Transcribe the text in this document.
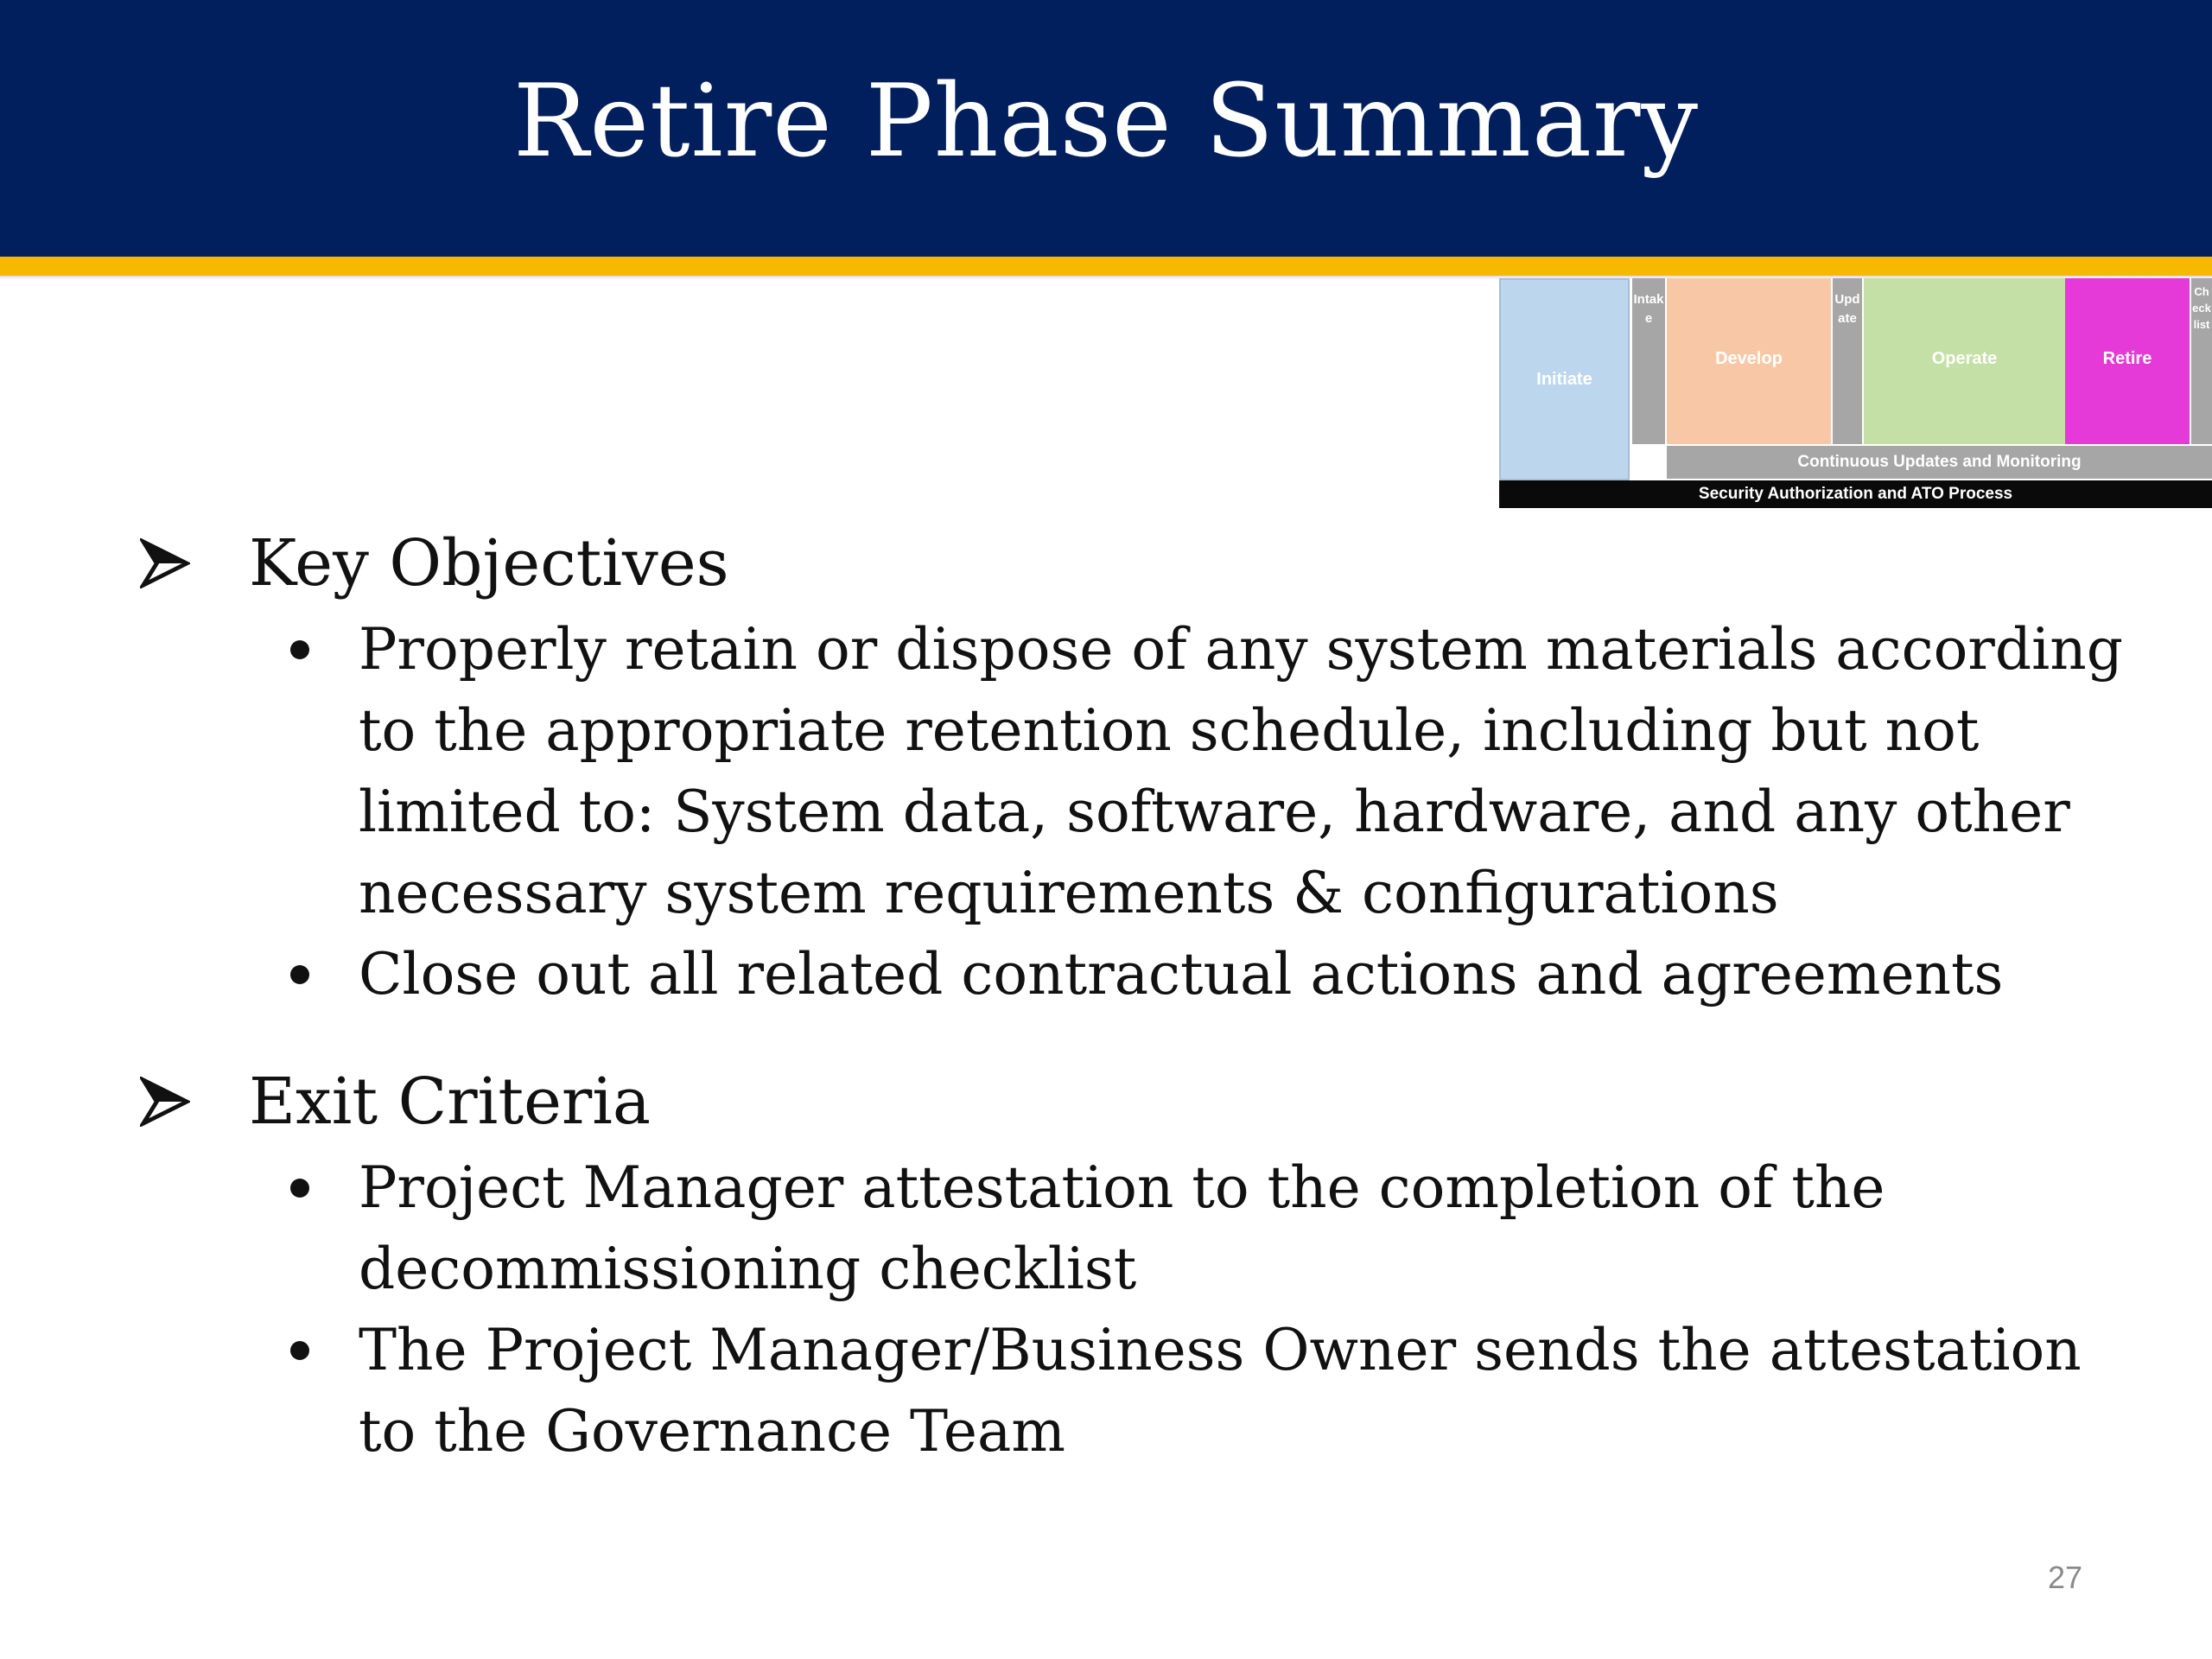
Retire Phase Summary
Initiate
Intake
Develop
Update
Operate	Retire
Checklist
Continuous Updates and Monitoring
Security Authorization and ATO Process
Key Objectives
Properly retain or dispose of any system materials according to the appropriate retention schedule, including but not limited to: System data, software, hardware, and any other necessary system requirements & configurations
Close out all related contractual actions and agreements
Exit Criteria
Project Manager attestation to the completion of the decommissioning checklist
The Project Manager/Business Owner sends the attestation to the Governance Team
27
